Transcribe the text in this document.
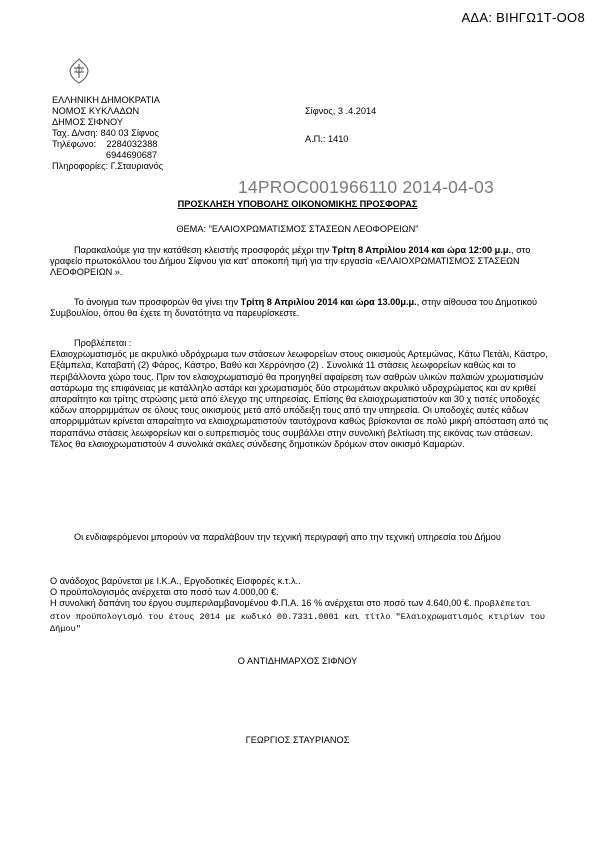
ΑΔΑ: ΒΙΗΓΩ1Τ-ΟΟ8
ΕΛΛΗΝΙΚΗ ΔΗΜΟΚΡΑΤΙΑ
ΝΟΜΟΣ ΚΥΚΛΑΔΩΝ
ΔΗΜΟΣ ΣΙΦΝΟΥ
Ταχ. Δ/νση: 840 03 Σίφνος
Τηλέφωνο: 2284032388
6944690687
Πληροφορίες: Γ.Σταυριανός
Σίφνος, 3 .4.2014
Α.Π.: 1410
14PROC001966110 2014-04-03
ΠΡΟΣΚΛΗΣΗ ΥΠΟΒΟΛΗΣ ΟΙΚΟΝΟΜΙΚΗΣ ΠΡΟΣΦΟΡΑΣ
ΘΕΜΑ: "ΕΛΑΙΟΧΡΩΜΑΤΙΣΜΟΣ ΣΤΑΣΕΩΝ ΛΕΟΦΟΡΕΙΩΝ"

Παρακαλούμε για την κατάθεση κλειστής προσφοράς μέχρι την Τρίτη 8 Απριλίου 2014 και ώρα 12:00 μ.μ., στο γραφείο πρωτοκόλλου του Δήμου Σίφνου για κατ' αποκοπή τιμή για την εργασία «ΕΛΑΙΟΧΡΩΜΑΤΙΣΜΟΣ ΣΤΑΣΕΩΝ ΛΕΟΦΟΡΕΙΩΝ ».

Το άνοιγμα των προσφορών θα γίνει την Τρίτη 8 Απριλίου 2014 και ώρα 13.00μ.μ., στην αίθουσα του Δημοτικού Συμβουλίου, όπου θα έχετε τη δυνατότητα να παρευρίσκεστε.

Προβλέπεται :

Ελαιοχρωματισμός με ακρυλικό υδρόχρωμα των στάσεων λεωφορείων στους οικισμούς Αρτεμώνας, Κάτω Πετάλι, Κάστρο, Εξάμπελα, Καταβατή (2) Φάρος, Κάστρο, Βαθύ και Χερρόνησο (2) . Συνολικά 11 στάσεις λεωφορείων καθώς και το περιβάλλοντα χώρο τους. Πριν τον ελαιοχρωματισμό θα προηγηθεί αφαίρεση των σαθρών υλικών παλαιών χρωματισμών αστάρωμα της επιφάνειας με κατάλληλο αστάρι και χρωματισμός δύο στρωμάτων ακρυλικό υδροχρώματος και αν κριθεί απαραίτητο και τρίτης στρώσης μετά από έλεγχο της υπηρεσίας. Επίσης θα ελαιοχρωματιστούν και 30 χ τιστές υποδοχές κάδων απορριμμάτων σε όλους τους οικισμούς μετά από υπόδειξη τους από την υπηρεσία. Οι υποδοχές αυτές κάδων απορριμμάτων κρίνεται απαραίτητο να ελαιοχρωματιστούν ταυτόχρονα καθώς βρίσκονται σε πολύ μικρή απόσταση από τις παραπάνω στάσεις λεωφορείων και ο ευπρεπισμός τους συμβάλλει στην συνολική βελτίωση της εικόνας των στάσεων.

Τέλος θα ελαιοχρωματιστούν 4 συνολικά σκάλες σύνδεσης δημοτικών δρόμων στον οικισμό Καμαρών.

Οι ενδιαφερόμενοι μπορούν να παραλάβουν την τεχνική περιγραφή απο την τεχνική υπηρεσία του Δήμου

Ο ανάδοχος βαρύνεται με Ι.Κ.Α., Εργοδοτικές Εισφορές κ.τ.λ..

Ο προϋπολογισμός ανέρχεται στο ποσό των 4.000,00 €.

Η συνολική δαπάνη του έργου συμπεριλαμβανομένου Φ.Π.Α. 16 % ανέρχεται στο ποσό των 4.640,00 €. Προβλέπεται στον προϋπολογισμό του έτους 2014 με κωδικό 00.7331.0001 και τίτλο "Ελαιοχρωματισμός κτιρίων του Δήμου"

Ο ΑΝΤΙΔΗΜΑΡΧΟΣ ΣΙΦΝΟΥ
ΓΕΩΡΓΙΟΣ ΣΤΑΥΡΙΑΝΟΣ
